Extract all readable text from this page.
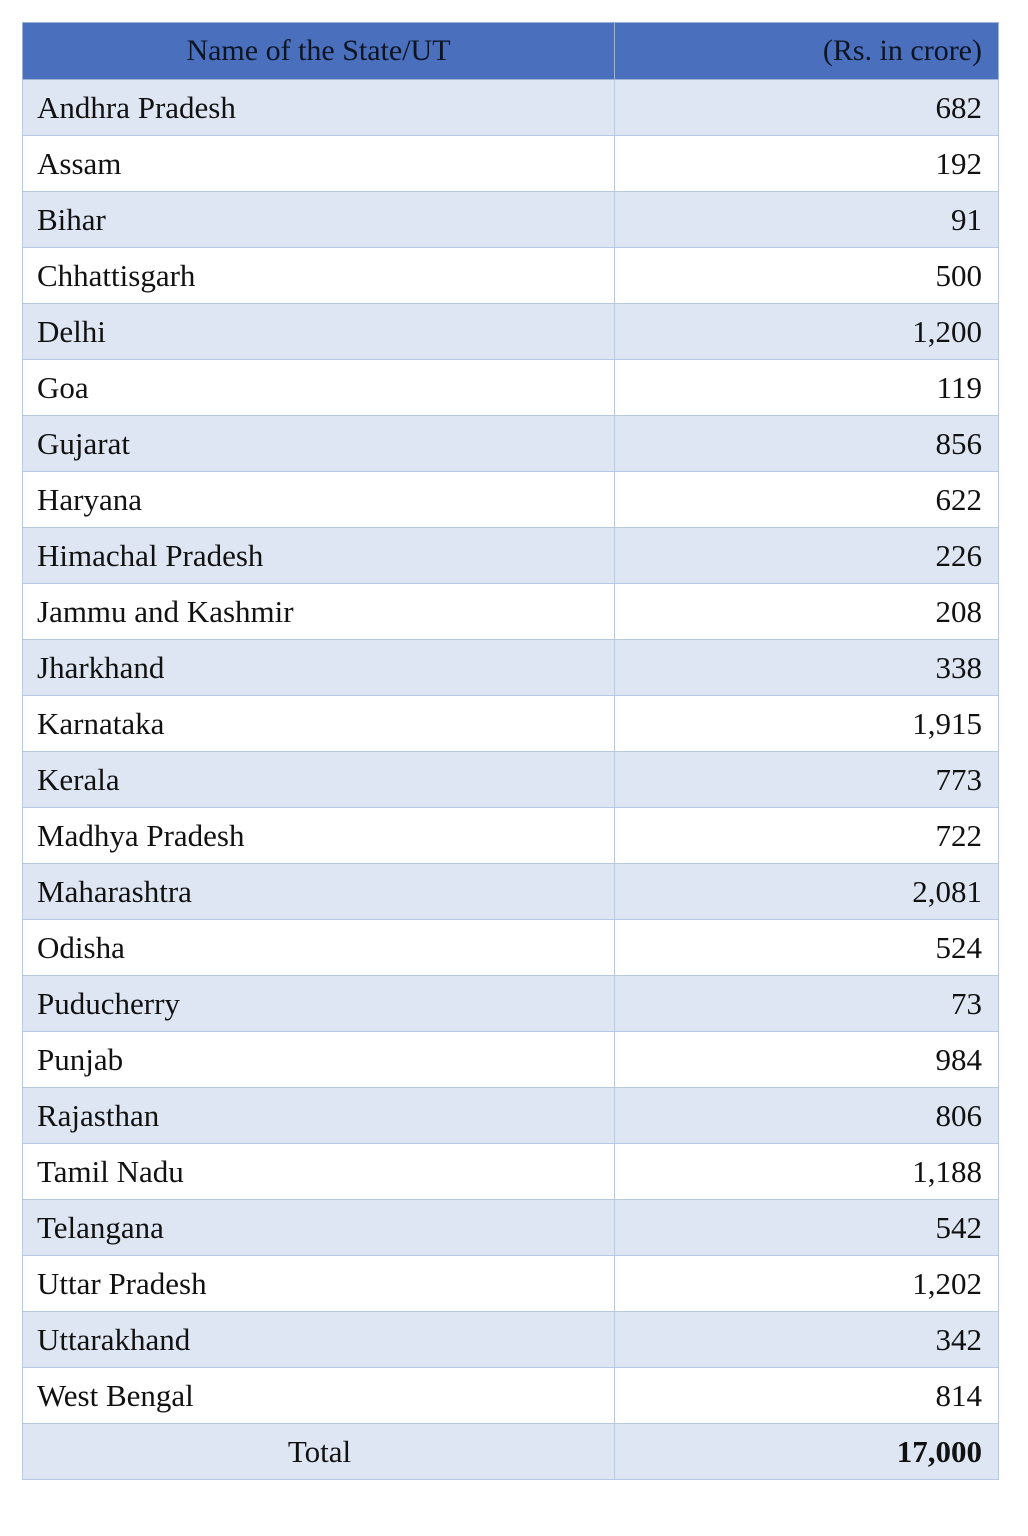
Name of the State/UT	(Rs. in crore)
Andhra Pradesh	682
Assam	192
Bihar	91
Chhattisgarh	500
Delhi	1,200
Goa	119
Gujarat	856
Haryana	622
Himachal Pradesh	226
Jammu and Kashmir	208
Jharkhand	338
Karnataka	1,915
Kerala	773
Madhya Pradesh	722
Maharashtra	2,081
Odisha	524
Puducherry	73
Punjab	984
Rajasthan	806
Tamil Nadu	1,188
Telangana	542
Uttar Pradesh	1,202
Uttarakhand	342
West Bengal	814
Total	17,000
